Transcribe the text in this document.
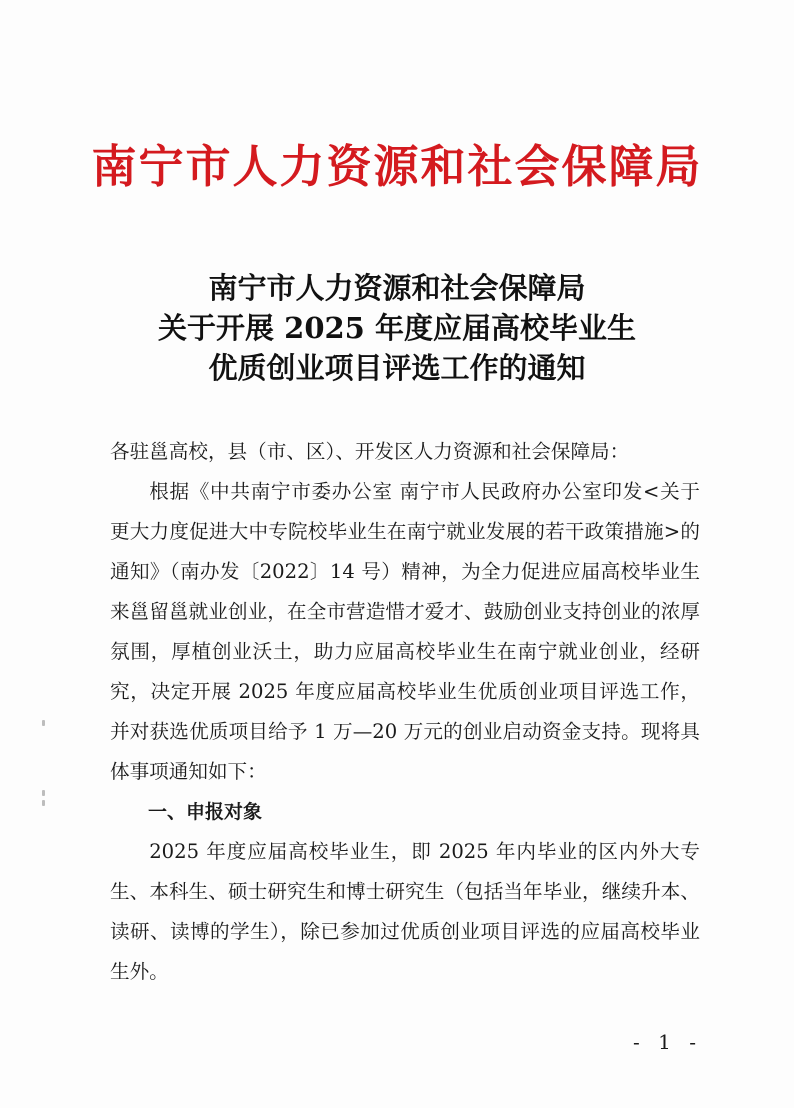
南宁市人力资源和社会保障局
南宁市人力资源和社会保障局
关于开展 2025 年度应届高校毕业生
优质创业项目评选工作的通知

各驻邕高校，县（市、区）、开发区人力资源和社会保障局：

根据《中共南宁市委办公室 南宁市人民政府办公室印发<关于更大力度促进大中专院校毕业生在南宁就业发展的若干政策措施>的通知》（南办发〔2022〕14 号）精神，为全力促进应届高校毕业生来邕留邕就业创业，在全市营造惜才爱才、鼓励创业支持创业的浓厚氛围，厚植创业沃土，助力应届高校毕业生在南宁就业创业，经研究，决定开展 2025 年度应届高校毕业生优质创业项目评选工作，并对获选优质项目给予 1 万—20 万元的创业启动资金支持。现将具体事项通知如下：

一、申报对象

2025 年度应届高校毕业生，即 2025 年内毕业的区内外大专生、本科生、硕士研究生和博士研究生（包括当年毕业，继续升本、读研、读博的学生），除已参加过优质创业项目评选的应届高校毕业生外。

- 1 -
